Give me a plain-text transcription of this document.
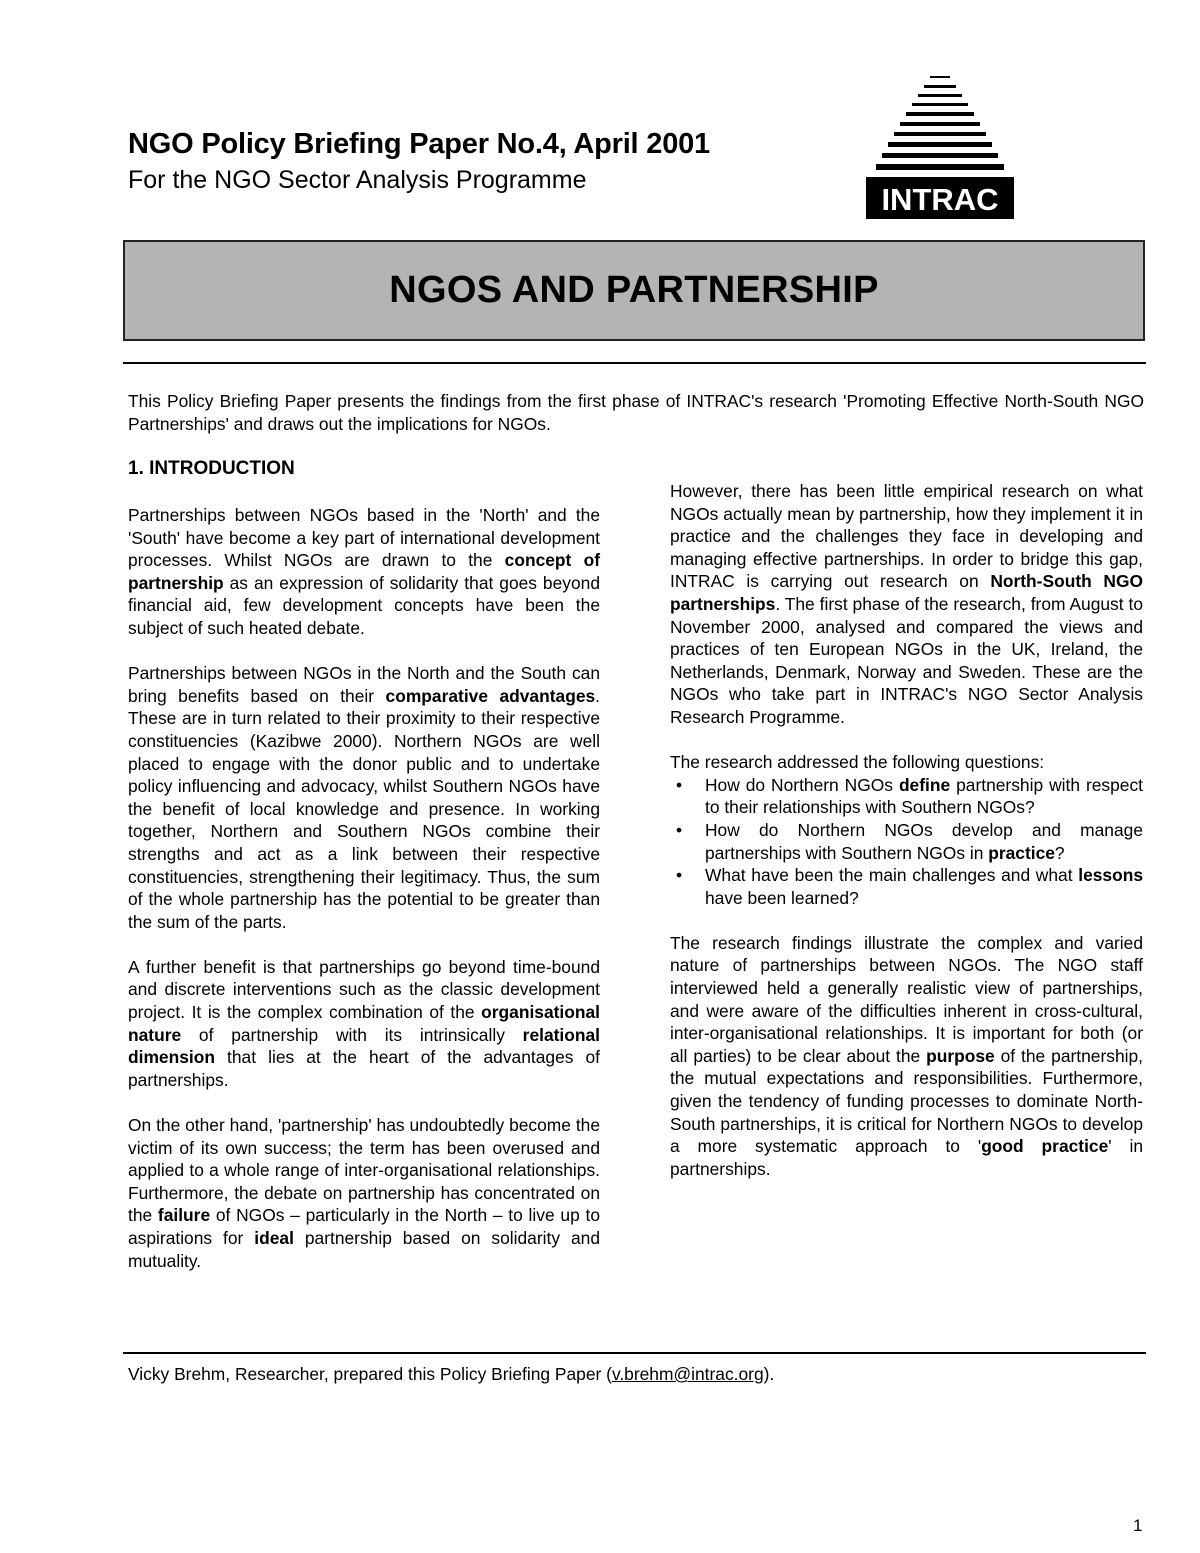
NGO Policy Briefing Paper No.4, April 2001
For the NGO Sector Analysis Programme
INTRAC
NGOS AND PARTNERSHIP

This Policy Briefing Paper presents the findings from the first phase of INTRAC's research 'Promoting Effective North-South NGO Partnerships' and draws out the implications for NGOs.

1. INTRODUCTION

Partnerships between NGOs based in the 'North' and the 'South' have become a key part of international development processes. Whilst NGOs are drawn to the concept of partnership as an expression of solidarity that goes beyond financial aid, few development concepts have been the subject of such heated debate.

Partnerships between NGOs in the North and the South can bring benefits based on their comparative advantages. These are in turn related to their proximity to their respective constituencies (Kazibwe 2000). Northern NGOs are well placed to engage with the donor public and to undertake policy influencing and advocacy, whilst Southern NGOs have the benefit of local knowledge and presence. In working together, Northern and Southern NGOs combine their strengths and act as a link between their respective constituencies, strengthening their legitimacy. Thus, the sum of the whole partnership has the potential to be greater than the sum of the parts.

A further benefit is that partnerships go beyond time-bound and discrete interventions such as the classic development project. It is the complex combination of the organisational nature of partnership with its intrinsically relational dimension that lies at the heart of the advantages of partnerships.

On the other hand, 'partnership' has undoubtedly become the victim of its own success; the term has been overused and applied to a whole range of inter-organisational relationships. Furthermore, the debate on partnership has concentrated on the failure of NGOs – particularly in the North – to live up to aspirations for ideal partnership based on solidarity and mutuality.

However, there has been little empirical research on what NGOs actually mean by partnership, how they implement it in practice and the challenges they face in developing and managing effective partnerships. In order to bridge this gap, INTRAC is carrying out research on North-South NGO partnerships. The first phase of the research, from August to November 2000, analysed and compared the views and practices of ten European NGOs in the UK, Ireland, the Netherlands, Denmark, Norway and Sweden. These are the NGOs who take part in INTRAC's NGO Sector Analysis Research Programme.

The research addressed the following questions:

• How do Northern NGOs define partnership with respect to their relationships with Southern NGOs?
• How do Northern NGOs develop and manage partnerships with Southern NGOs in practice?
• What have been the main challenges and what lessons have been learned?

The research findings illustrate the complex and varied nature of partnerships between NGOs. The NGO staff interviewed held a generally realistic view of partnerships, and were aware of the difficulties inherent in cross-cultural, inter-organisational relationships. It is important for both (or all parties) to be clear about the purpose of the partnership, the mutual expectations and responsibilities. Furthermore, given the tendency of funding processes to dominate North-South partnerships, it is critical for Northern NGOs to develop a more systematic approach to 'good practice' in partnerships.

Vicky Brehm, Researcher, prepared this Policy Briefing Paper (v.brehm@intrac.org).
1
